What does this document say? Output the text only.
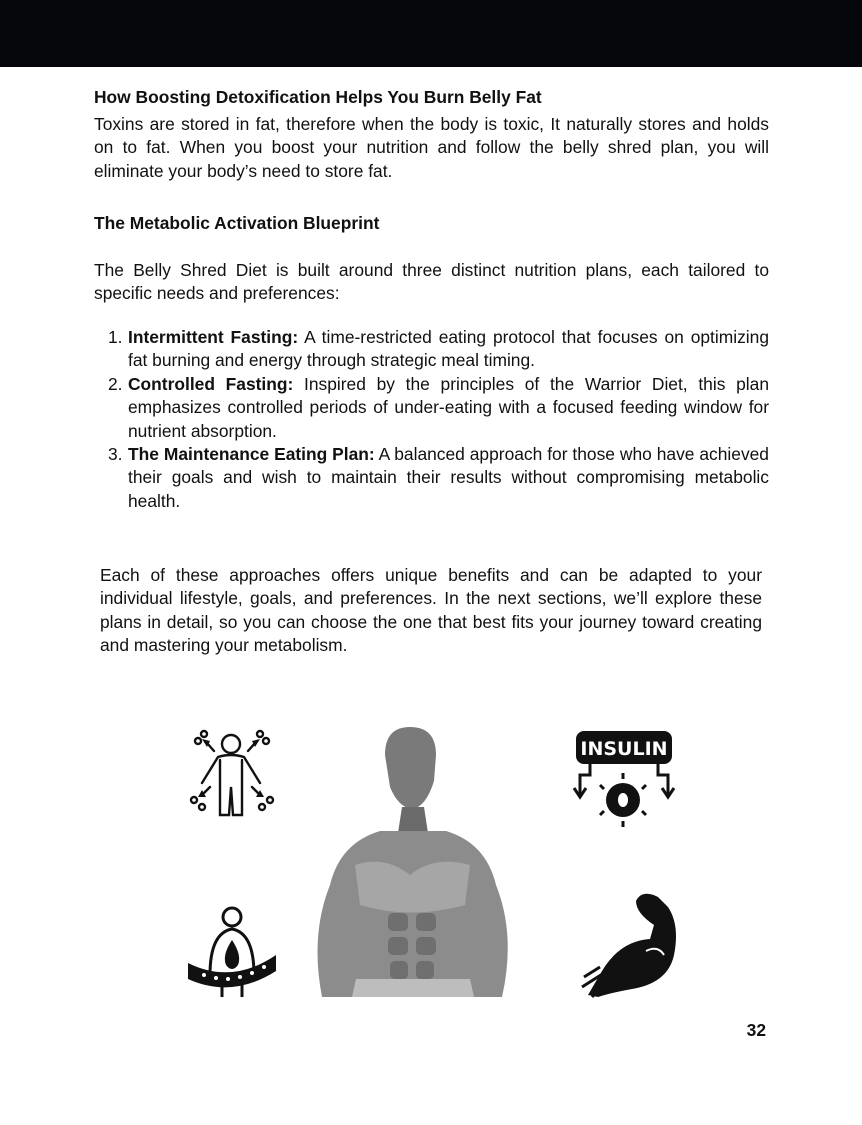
How Boosting Detoxification Helps You Burn Belly Fat

Toxins are stored in fat, therefore when the body is toxic, It naturally stores and holds on to fat. When you boost your nutrition and follow the belly shred plan, you will eliminate your body’s need to store fat.

The Metabolic Activation Blueprint

The Belly Shred Diet is built around three distinct nutrition plans, each tailored to specific needs and preferences:

1. Intermittent Fasting: A time-restricted eating protocol that focuses on optimizing fat burning and energy through strategic meal timing.
2. Controlled Fasting: Inspired by the principles of the Warrior Diet, this plan emphasizes controlled periods of under-eating with a focused feeding window for nutrient absorption.
3. The Maintenance Eating Plan: A balanced approach for those who have achieved their goals and wish to maintain their results without compromising metabolic health.

Each of these approaches offers unique benefits and can be adapted to your individual lifestyle, goals, and preferences. In the next sections, we’ll explore these plans in detail, so you can choose the one that best fits your journey toward creating and mastering your metabolism.

INSULIN
32
